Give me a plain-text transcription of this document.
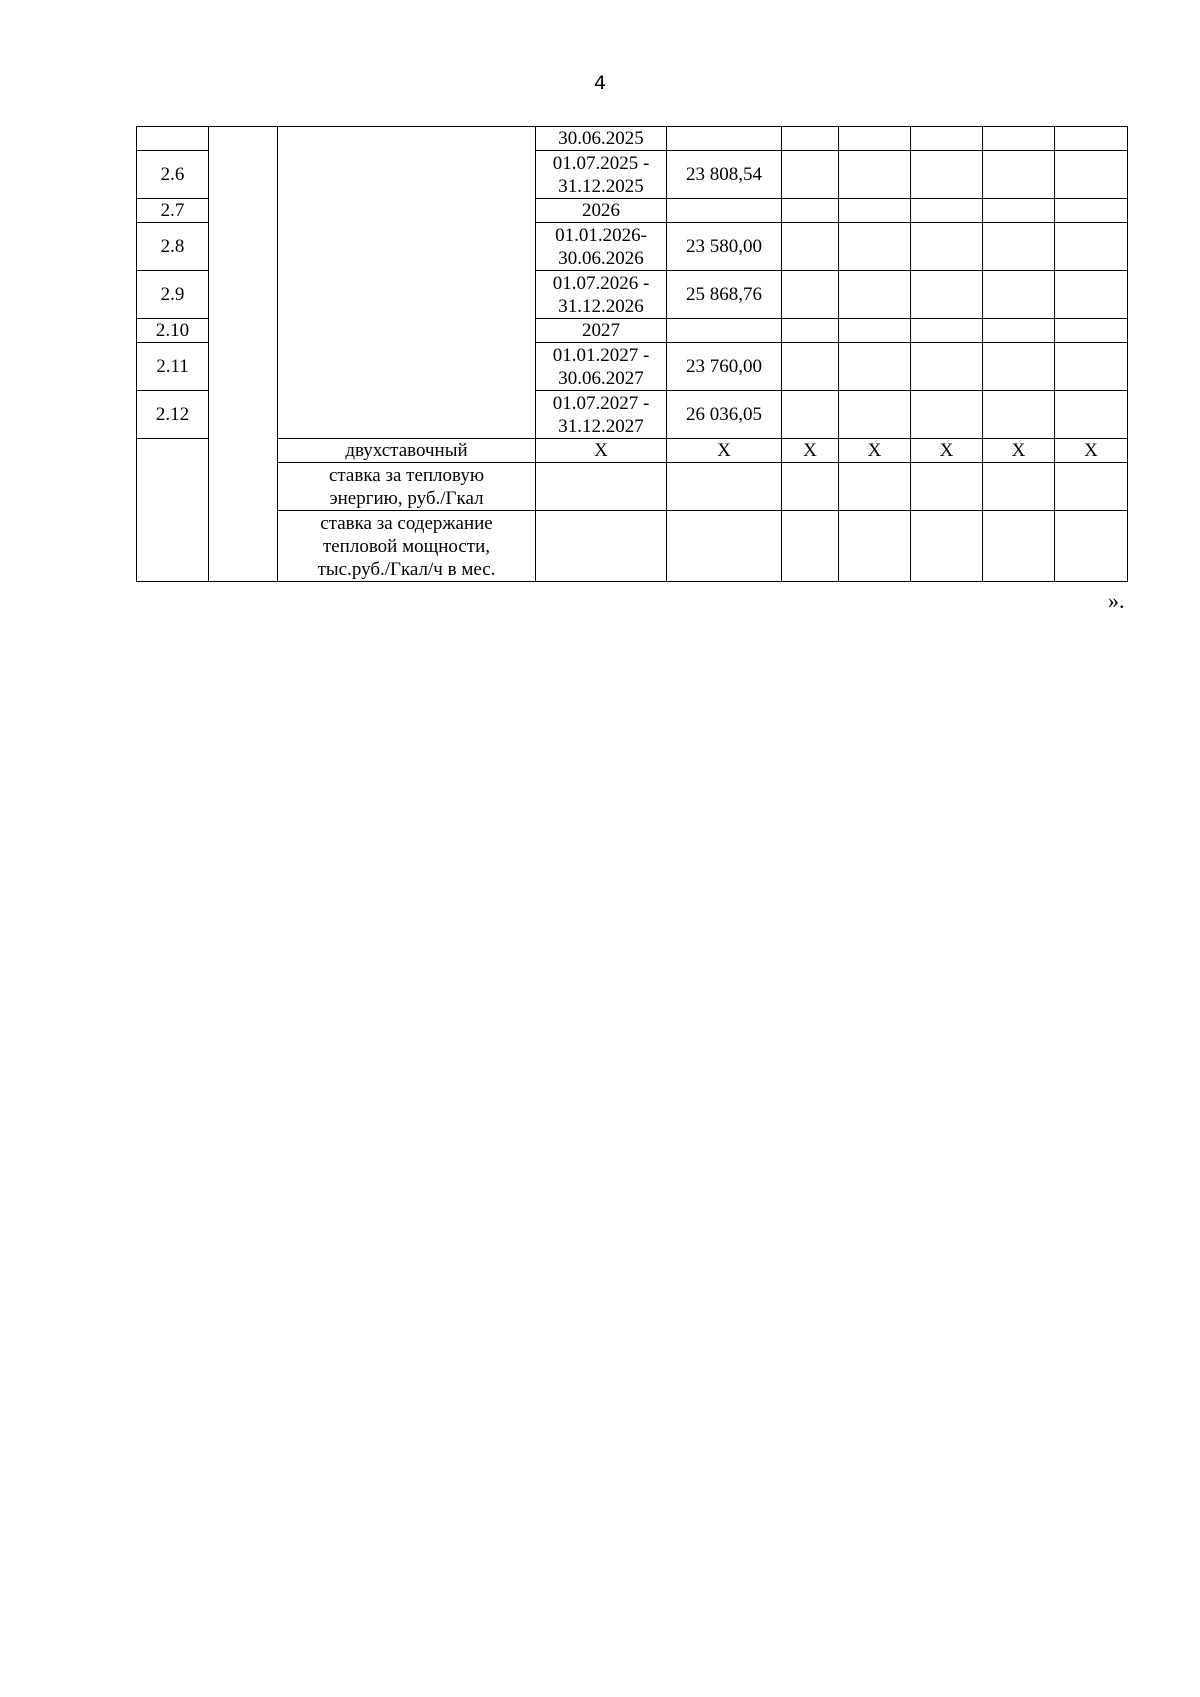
4
			30.06.2025						
2.6			01.07.2025 -
31.12.2025	23 808,54					
2.7			2026						
2.8			01.01.2026-
30.06.2026	23 580,00					
2.9			01.07.2026 -
31.12.2026	25 868,76					
2.10			2027						
2.11			01.01.2027 -
30.06.2027	23 760,00					
2.12			01.07.2027 -
31.12.2027	26 036,05					
		двухставочный	X	X	X	X	X	X	X
		ставка за тепловую
энергию, руб./Гкал							
		ставка за содержание
тепловой мощности,
тыс.руб./Гкал/ч в мес.							
».
